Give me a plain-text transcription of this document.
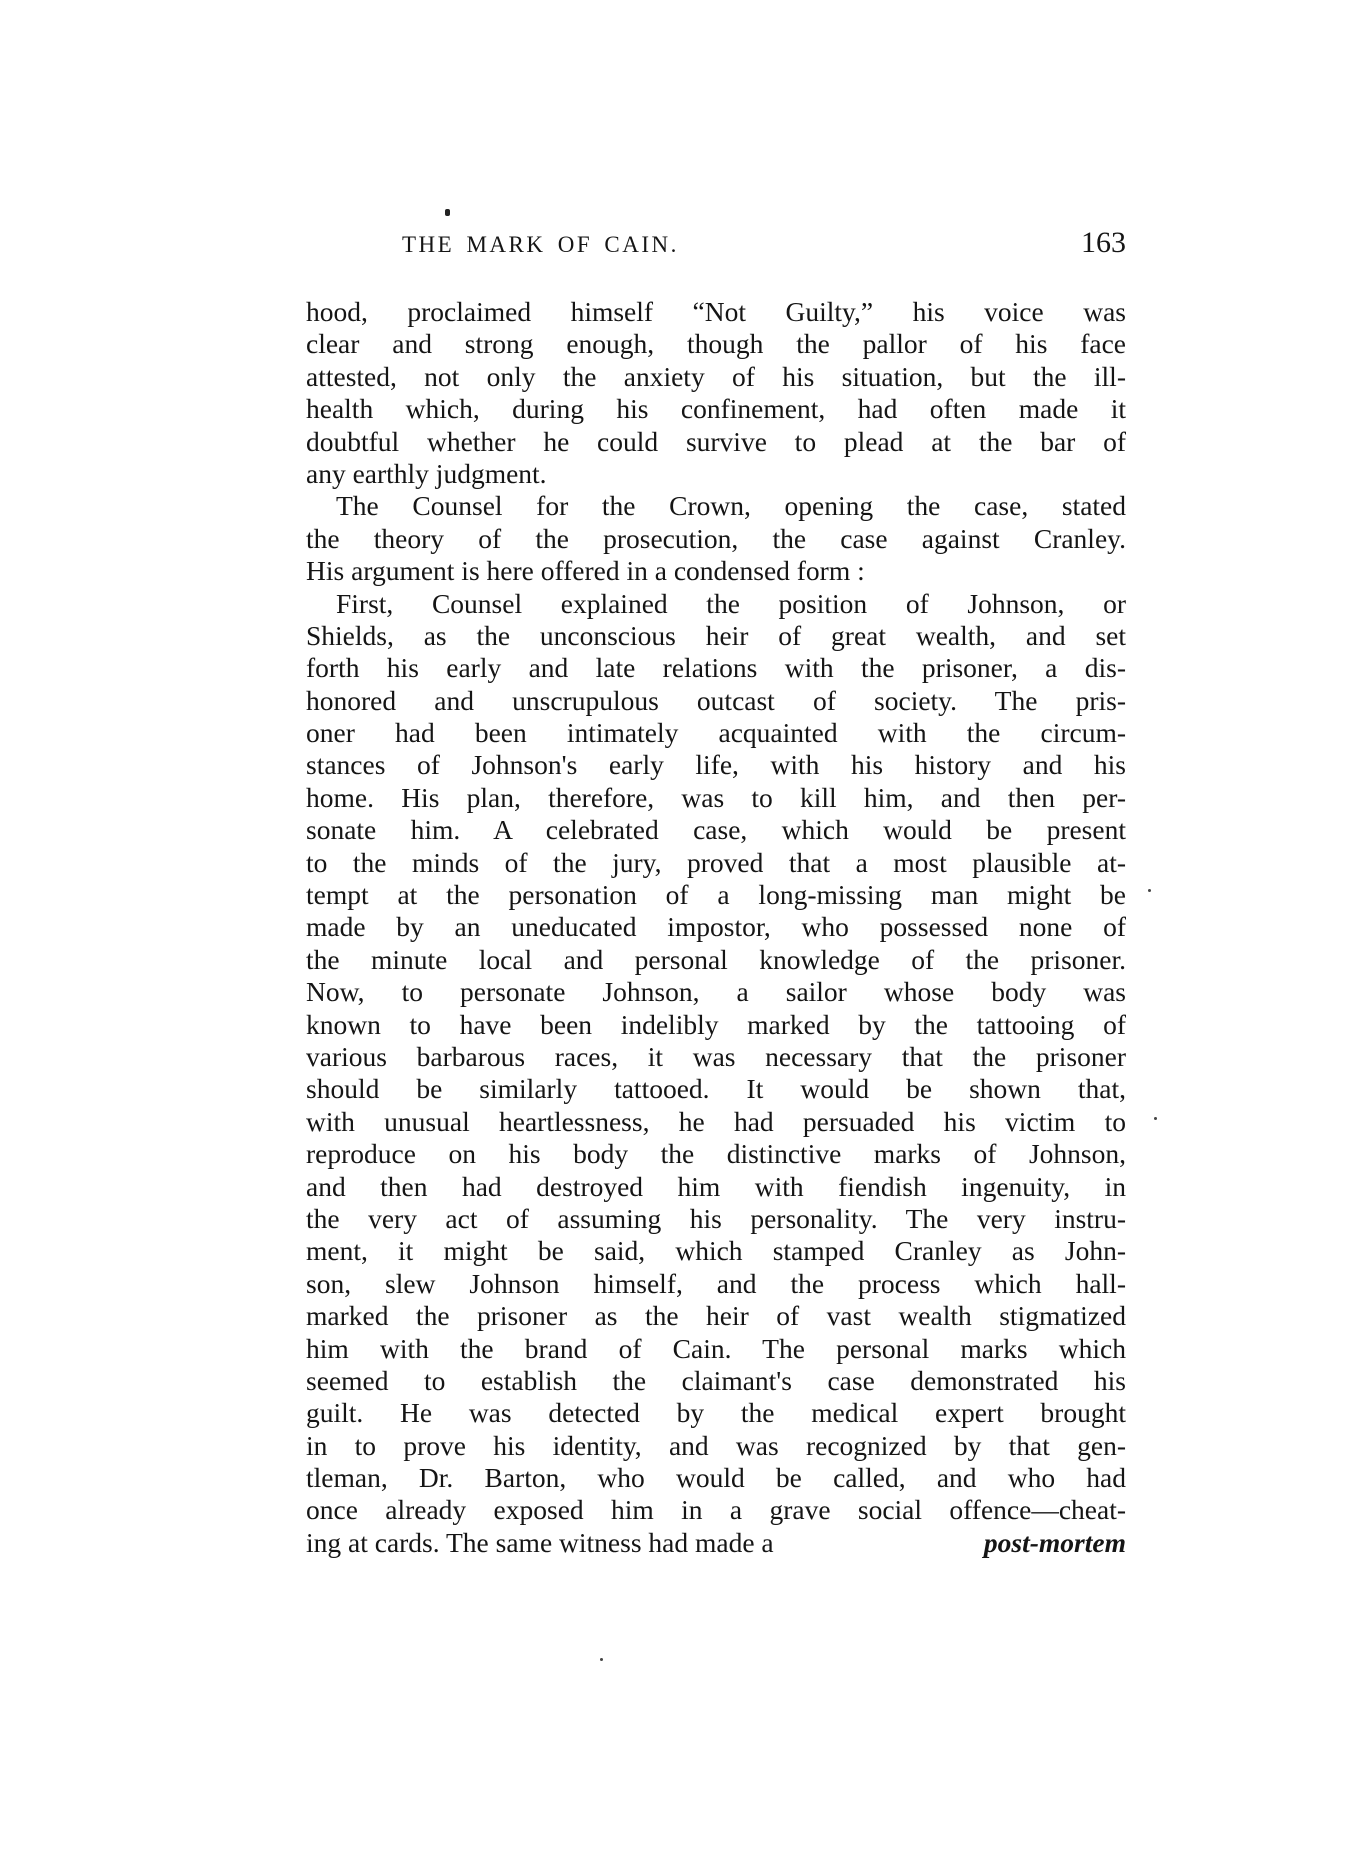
THE MARK OF CAIN.	163
hood, proclaimed himself “Not Guilty,” his voice was
clear and strong enough, though the pallor of his face
attested, not only the anxiety of his situation, but the ill-
health which, during his confinement, had often made it
doubtful whether he could survive to plead at the bar of
any earthly judgment.
The Counsel for the Crown, opening the case, stated
the theory of the prosecution, the case against Cranley.
His argument is here offered in a condensed form :
First, Counsel explained the position of Johnson, or
Shields, as the unconscious heir of great wealth, and set
forth his early and late relations with the prisoner, a dis-
honored and unscrupulous outcast of society. The pris-
oner had been intimately acquainted with the circum-
stances of Johnson's early life, with his history and his
home. His plan, therefore, was to kill him, and then per-
sonate him. A celebrated case, which would be present
to the minds of the jury, proved that a most plausible at-
tempt at the personation of a long-missing man might be
made by an uneducated impostor, who possessed none of
the minute local and personal knowledge of the prisoner.
Now, to personate Johnson, a sailor whose body was
known to have been indelibly marked by the tattooing of
various barbarous races, it was necessary that the prisoner
should be similarly tattooed. It would be shown that,
with unusual heartlessness, he had persuaded his victim to
reproduce on his body the distinctive marks of Johnson,
and then had destroyed him with fiendish ingenuity, in
the very act of assuming his personality. The very instru-
ment, it might be said, which stamped Cranley as John-
son, slew Johnson himself, and the process which hall-
marked the prisoner as the heir of vast wealth stigmatized
him with the brand of Cain. The personal marks which
seemed to establish the claimant's case demonstrated his
guilt. He was detected by the medical expert brought
in to prove his identity, and was recognized by that gen-
tleman, Dr. Barton, who would be called, and who had
once already exposed him in a grave social offence—cheat-
ing at cards. The same witness had made a	post-mortem
